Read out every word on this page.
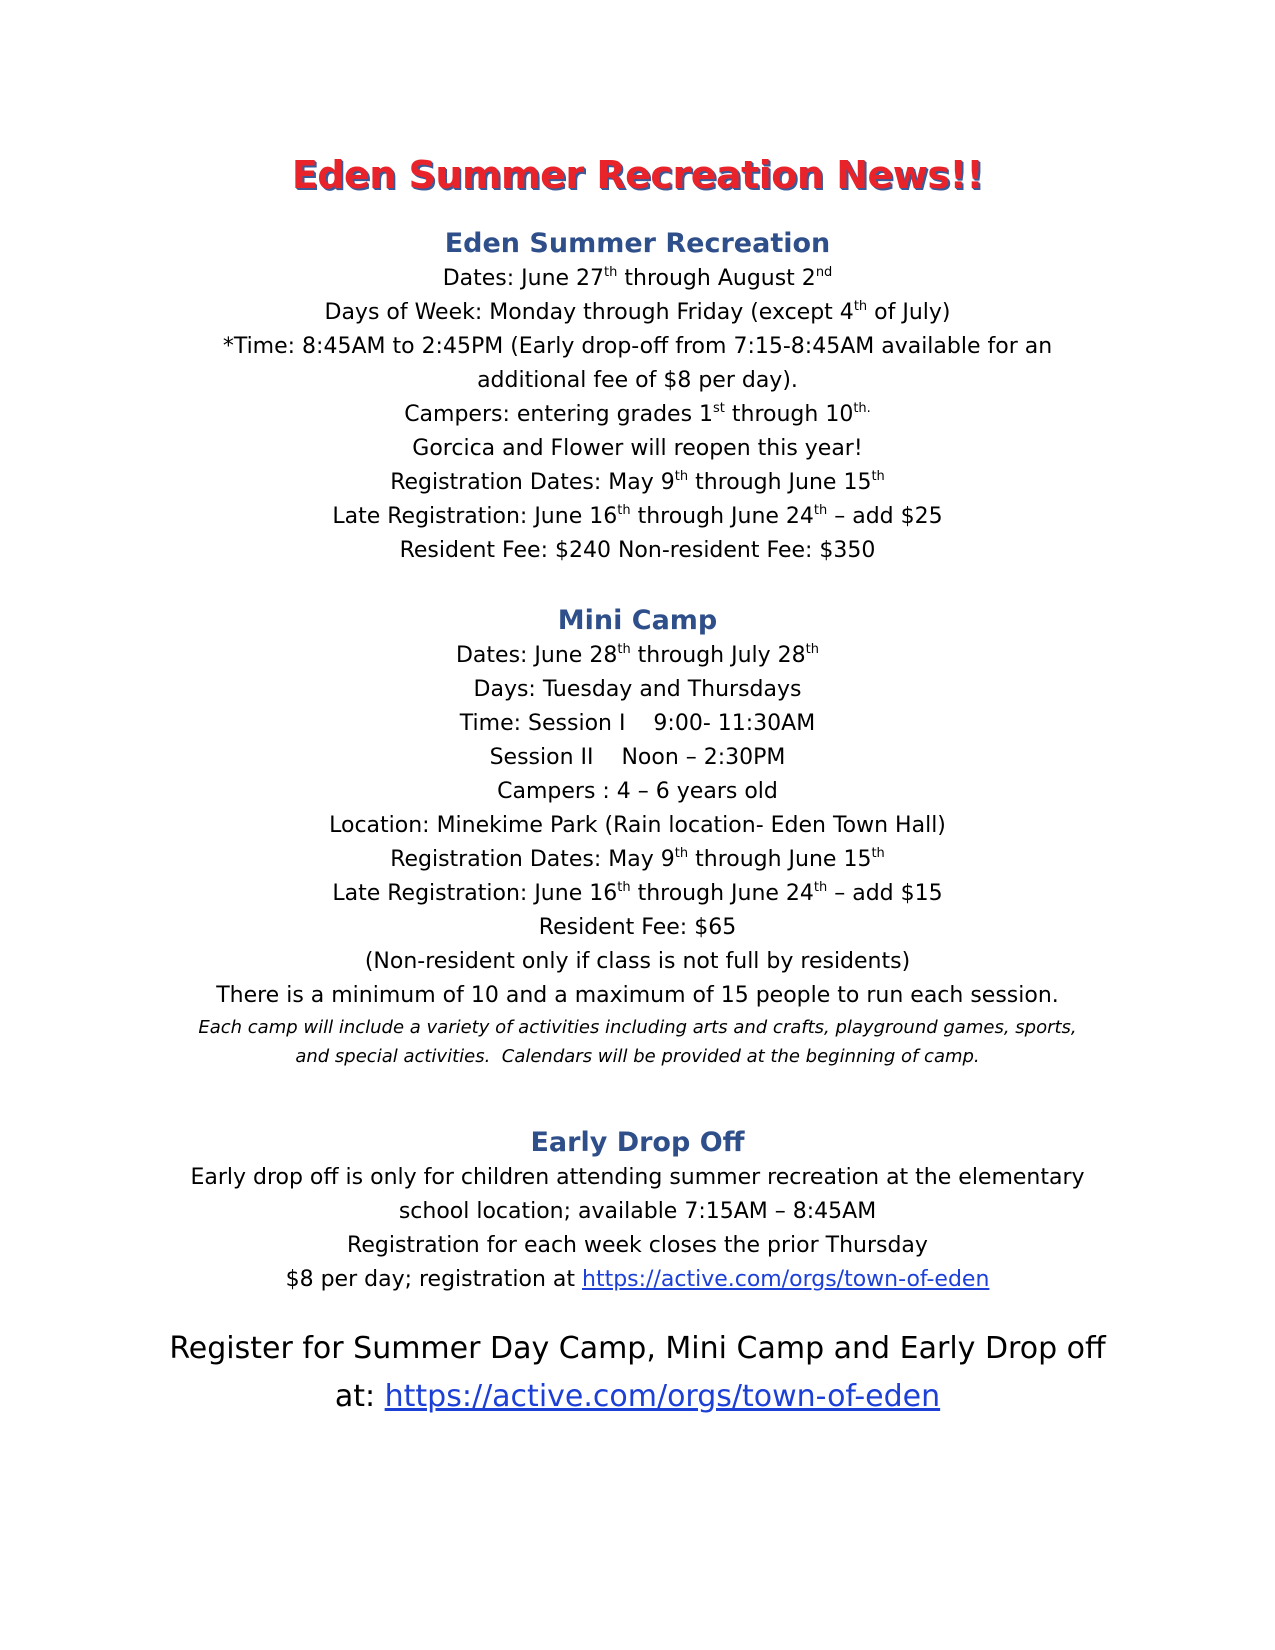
Eden Summer Recreation News!!
Eden Summer Recreation
Dates: June 27th through August 2nd
Days of Week: Monday through Friday (except 4th of July)
*Time: 8:45AM to 2:45PM (Early drop-off from 7:15-8:45AM available for an
additional fee of $8 per day).
Campers: entering grades 1st through $10^{th.}$
Gorcica and Flower will reopen this year!
Registration Dates: May 9th through June 15th
Late Registration: June 16th through June 24th – add $25
Resident Fee: $240 Non-resident Fee: $350
Mini Camp
Dates: June 28th through July 28th
Days: Tuesday and Thursdays
Time: Session I    9:00- 11:30AM
Session II    Noon – 2:30PM
Campers : 4 – 6 years old
Location: Minekime Park (Rain location- Eden Town Hall)
Registration Dates: May 9th through June 15th
Late Registration: June 16th through June 24th – add $15
Resident Fee: $65
(Non-resident only if class is not full by residents)
There is a minimum of 10 and a maximum of 15 people to run each session.
Each camp will include a variety of activities including arts and crafts, playground games, sports,
and special activities.  Calendars will be provided at the beginning of camp.
Early Drop Off
Early drop off is only for children attending summer recreation at the elementary
school location; available 7:15AM – 8:45AM
Registration for each week closes the prior Thursday
$8 per day; registration at https://active.com/orgs/town-of-eden
Register for Summer Day Camp, Mini Camp and Early Drop off
at: https://active.com/orgs/town-of-eden
